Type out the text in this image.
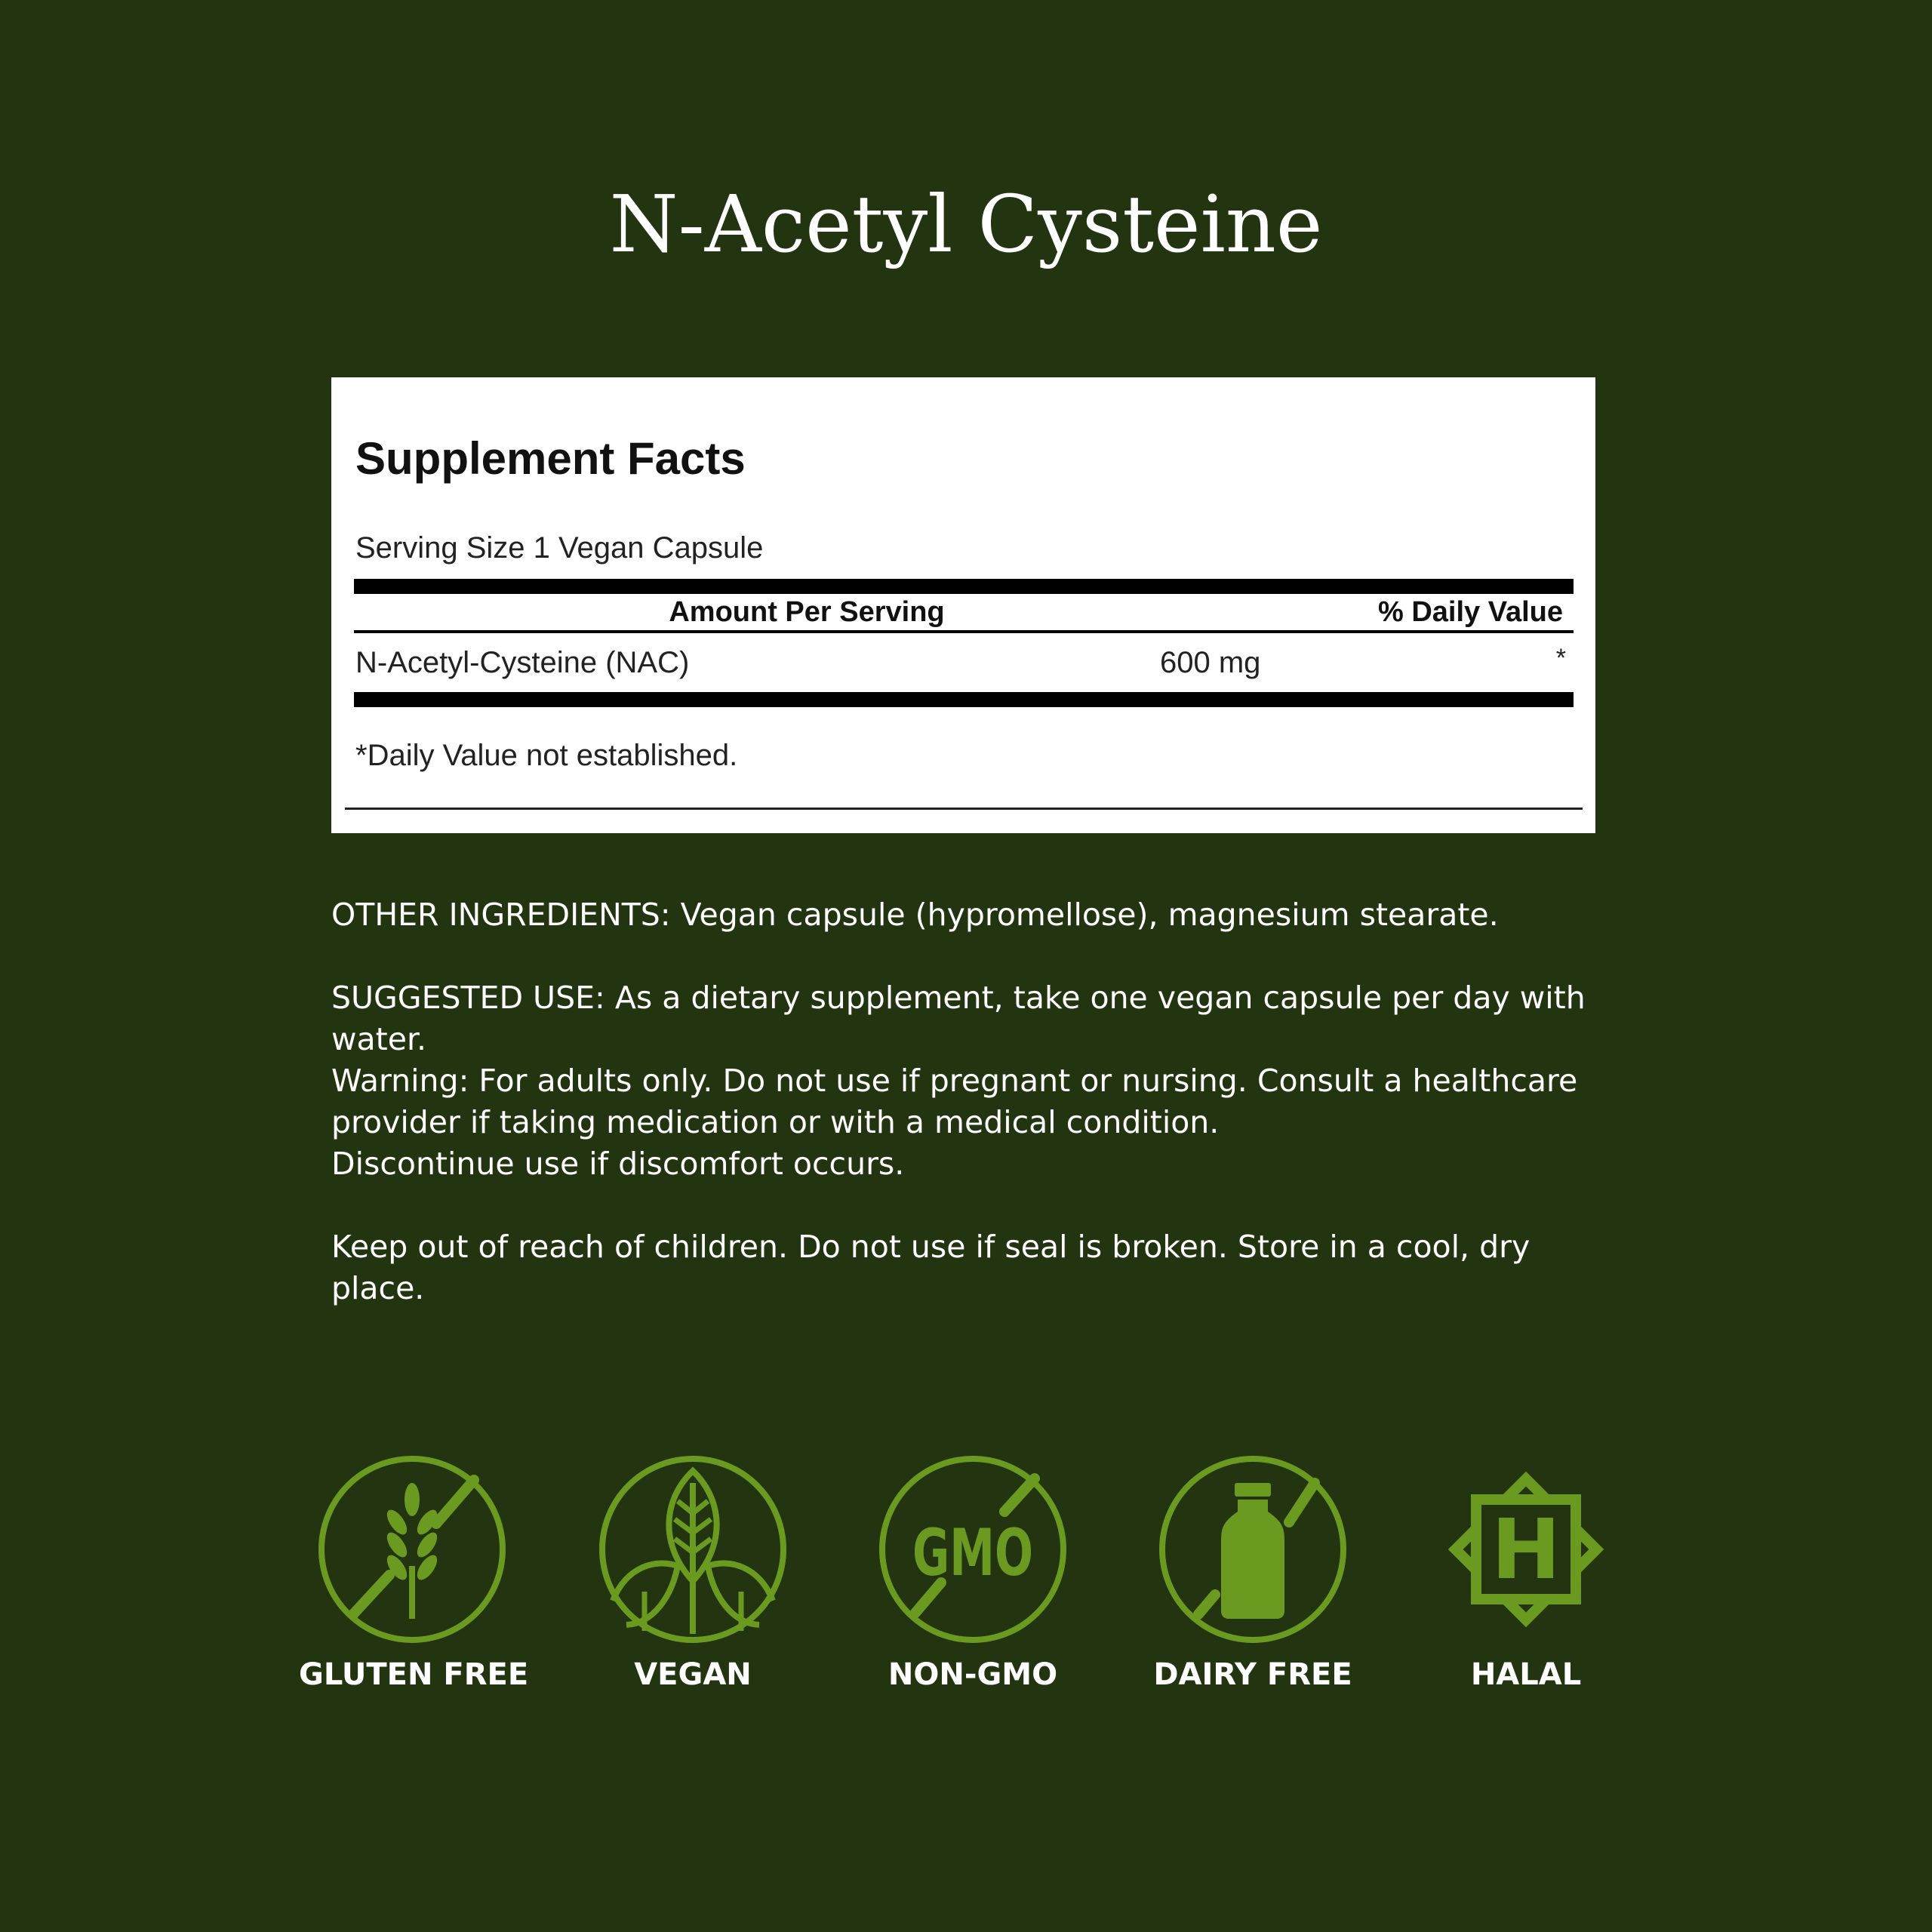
N-Acetyl Cysteine
Supplement Facts
Serving Size 1 Vegan Capsule
Amount Per Serving	% Daily Value
N-Acetyl-Cysteine (NAC)	600 mg	*
*Daily Value not established.

OTHER INGREDIENTS: Vegan capsule (hypromellose), magnesium stearate.

SUGGESTED USE: As a dietary supplement, take one vegan capsule per day with water.

Warning: For adults only. Do not use if pregnant or nursing. Consult a healthcare

provider if taking medication or with a medical condition.

Discontinue use if discomfort occurs.

Keep out of reach of children. Do not use if seal is broken. Store in a cool, dry place.

GLUTEN FREE	VEGAN
GMO
NON-GMO	DAIRY FREE
H
HALAL
